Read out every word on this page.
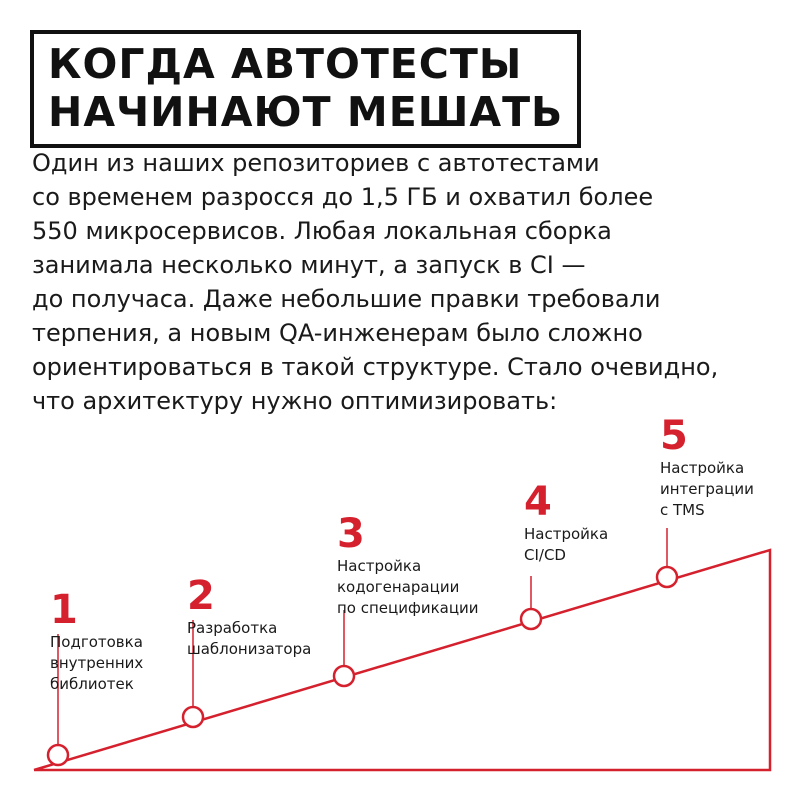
КОГДА АВТОТЕСТЫ
НАЧИНАЮТ МЕШАТЬ
Один из наших репозиториев с автотестами
со временем разросся до 1,5 ГБ и охватил более
550 микросервисов. Любая локальная сборка
занимала несколько минут, а запуск в CI —
до получаса. Даже небольшие правки требовали
терпения, а новым QA-инженерам было сложно
ориентироваться в такой структуре. Стало очевидно,
что архитектуру нужно оптимизировать:
1
Подготовка
внутренних
библиотек
2
Разработка
шаблонизатора
3
Настройка
кодогенарации
по спецификации
4
Настройка
CI/CD
5
Настройка
интеграции
с TMS
